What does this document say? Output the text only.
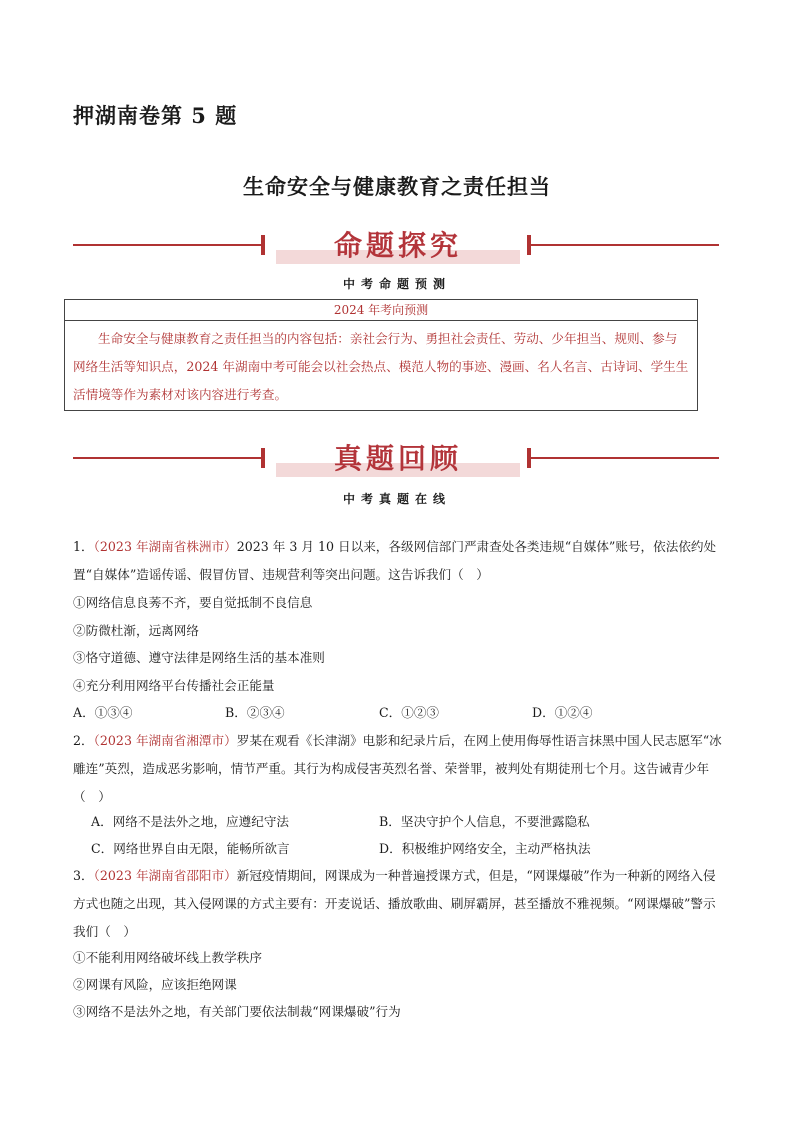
押湖南卷第 5 题
生命安全与健康教育之责任担当
命题探究
中考命题预测
2024 年考向预测
生命安全与健康教育之责任担当的内容包括：亲社会行为、勇担社会责任、劳动、少年担当、规则、参与网络生活等知识点，2024 年湖南中考可能会以社会热点、模范人物的事迹、漫画、名人名言、古诗词、学生生活情境等作为素材对该内容进行考查。
真题回顾
中考真题在线
1．（2023 年湖南省株洲市）2023 年 3 月 10 日以来，各级网信部门严肃查处各类违规“自媒体”账号，依法依约处置“自媒体”造谣传谣、假冒仿冒、违规营利等突出问题。这告诉我们（　）
①网络信息良莠不齐，要自觉抵制不良信息
②防微杜渐，远离网络
③恪守道德、遵守法律是网络生活的基本准则
④充分利用网络平台传播社会正能量
A．①③④	B．②③④	C．①②③	D．①②④
2．（2023 年湖南省湘潭市）罗某在观看《长津湖》电影和纪录片后，在网上使用侮辱性语言抹黑中国人民志愿军“冰雕连”英烈，造成恶劣影响，情节严重。其行为构成侵害英烈名誉、荣誉罪，被判处有期徒刑七个月。这告诫青少年（　）
A．网络不是法外之地，应遵纪守法	B．坚决守护个人信息，不要泄露隐私
C．网络世界自由无限，能畅所欲言	D．积极维护网络安全，主动严格执法
3．（2023 年湖南省邵阳市）新冠疫情期间，网课成为一种普遍授课方式，但是，“网课爆破”作为一种新的网络入侵方式也随之出现，其入侵网课的方式主要有：开麦说话、播放歌曲、刷屏霸屏，甚至播放不雅视频。“网课爆破”警示我们（　）
①不能利用网络破坏线上教学秩序
②网课有风险，应该拒绝网课
③网络不是法外之地，有关部门要依法制裁“网课爆破”行为
